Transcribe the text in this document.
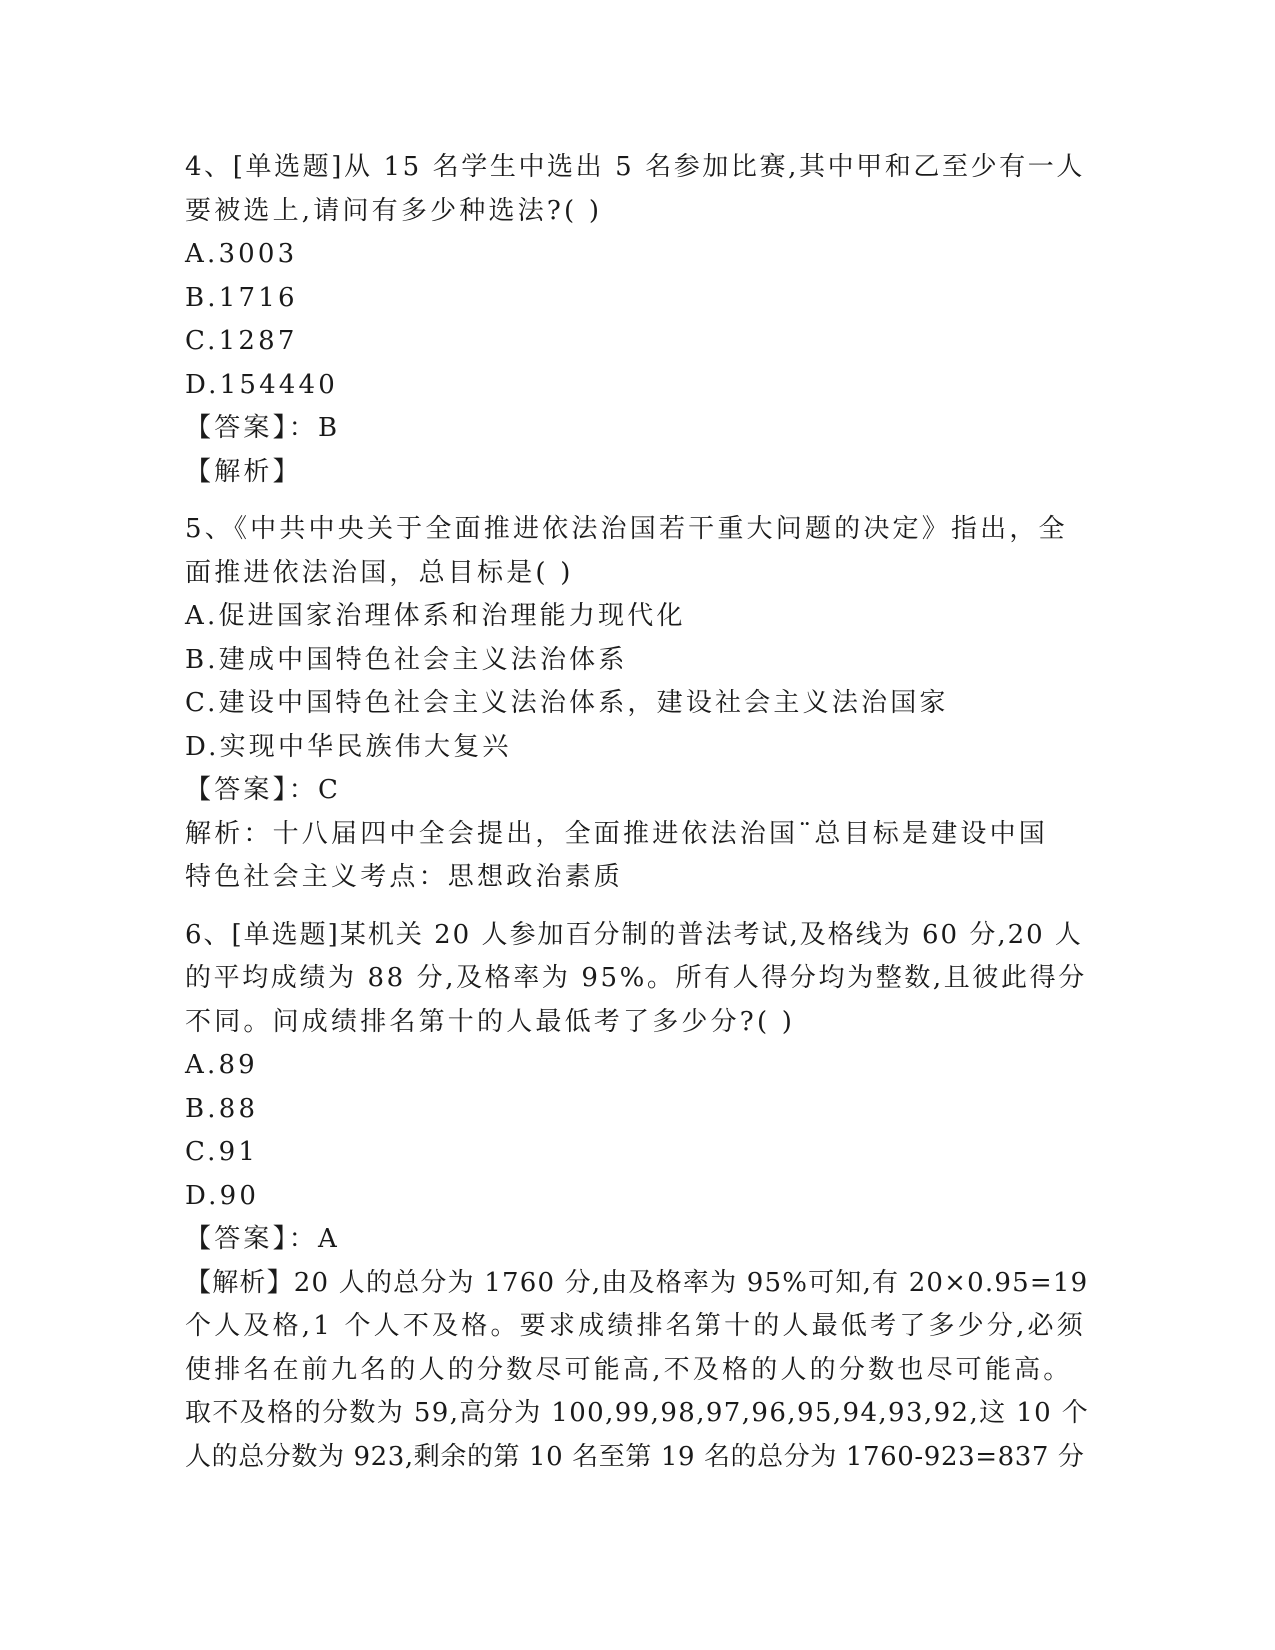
4、[单选题]从 15 名学生中选出 5 名参加比赛,其中甲和乙至少有一人
要被选上,请问有多少种选法?( )
A.3003
B.1716
C.1287
D.154440
【答案】：B
【解析】
5、《中共中央关于全面推进依法治国若干重大问题的决定》指出，全
面推进依法治国，总目标是( )
A.促进国家治理体系和治理能力现代化
B.建成中国特色社会主义法治体系
C.建设中国特色社会主义法治体系，建设社会主义法治国家
D.实现中华民族伟大复兴
【答案】：C
解析：十八届四中全会提出，全面推进依法治国¨总目标是建设中国
特色社会主义考点：思想政治素质
6、[单选题]某机关 20 人参加百分制的普法考试,及格线为 60 分,20 人
的平均成绩为 88 分,及格率为 95%。所有人得分均为整数,且彼此得分
不同。问成绩排名第十的人最低考了多少分?( )
A.89
B.88
C.91
D.90
【答案】：A
【解析】20 人的总分为 1760 分,由及格率为 95%可知,有 20×0.95=19
个人及格,1 个人不及格。要求成绩排名第十的人最低考了多少分,必须
使排名在前九名的人的分数尽可能高,不及格的人的分数也尽可能高。
取不及格的分数为 59,高分为 100,99,98,97,96,95,94,93,92,这 10 个
人的总分数为 923,剩余的第 10 名至第 19 名的总分为 1760-923=837 分
